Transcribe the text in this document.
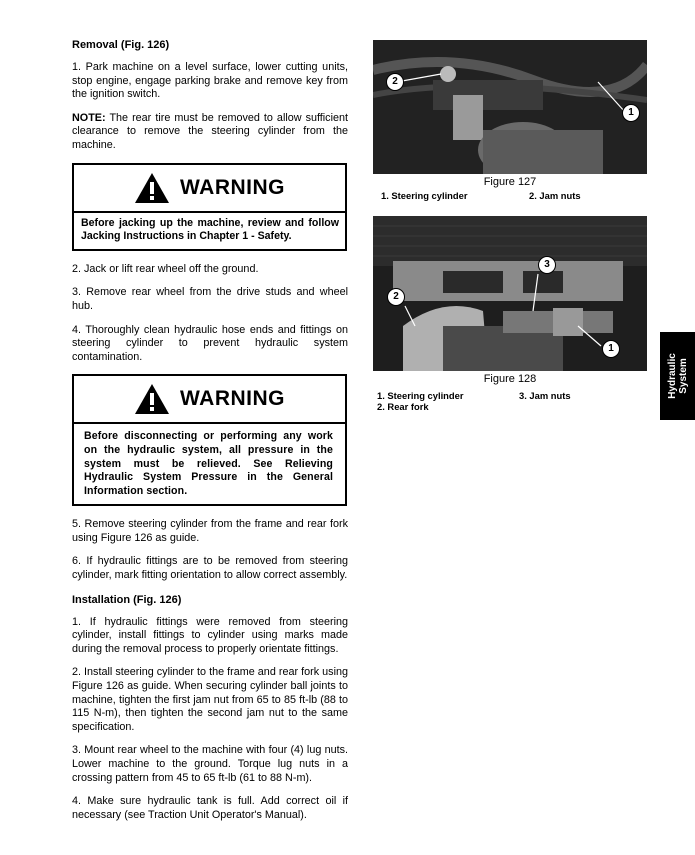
Removal (Fig. 126)
1. Park machine on a level surface, lower cutting units, stop engine, engage parking brake and remove key from the ignition switch.
NOTE: The rear tire must be removed to allow sufficient clearance to remove the steering cylinder from the machine.
WARNING
Before jacking up the machine, review and follow Jacking Instructions in Chapter 1 - Safety.
2. Jack or lift rear wheel off the ground.
3. Remove rear wheel from the drive studs and wheel hub.
4. Thoroughly clean hydraulic hose ends and fittings on steering cylinder to prevent hydraulic system contamination.
WARNING
Before disconnecting or performing any work on the hydraulic system, all pressure in the system must be relieved. See Relieving Hydraulic System Pressure in the General Information section.
5. Remove steering cylinder from the frame and rear fork using Figure 126 as guide.
6. If hydraulic fittings are to be removed from steering cylinder, mark fitting orientation to allow correct assembly.
Installation (Fig. 126)
1. If hydraulic fittings were removed from steering cylinder, install fittings to cylinder using marks made during the removal process to properly orientate fittings.
2. Install steering cylinder to the frame and rear fork using Figure 126 as guide. When securing cylinder ball joints to machine, tighten the first jam nut from 65 to 85 ft-lb (88 to 115 N-m), then tighten the second jam nut to the same specification.
3. Mount rear wheel to the machine with four (4) lug nuts. Lower machine to the ground. Torque lug nuts in a crossing pattern from 45 to 65 ft-lb (61 to 88 N-m).
4. Make sure hydraulic tank is full. Add correct oil if necessary (see Traction Unit Operator's Manual).
2
1
Figure 127
1. Steering cylinder	2. Jam nuts
3
2
1
Figure 128
1. Steering cylinder	3. Jam nuts
2. Rear fork
Hydraulic System
